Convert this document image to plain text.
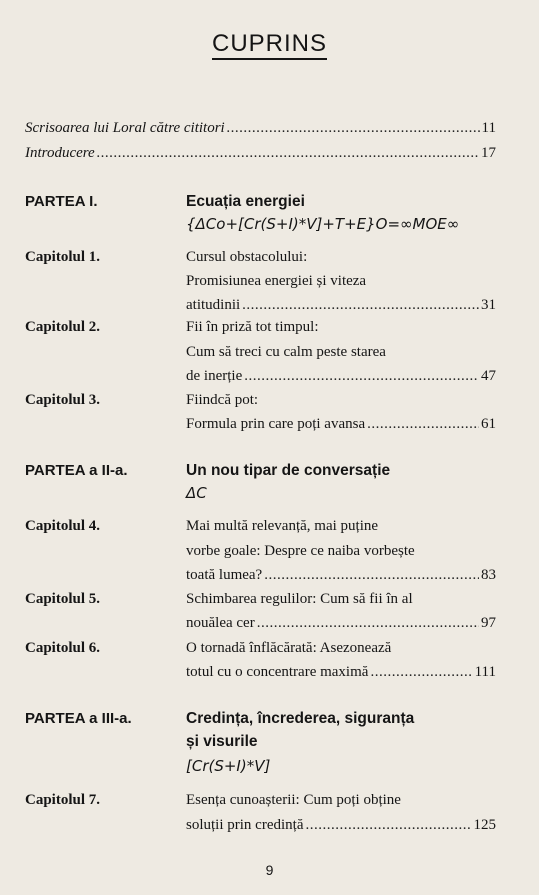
CUPRINS
Scrisoarea lui Loral către cititori .....	11
Introducere .....	17
PARTEA I.	Ecuația energiei
{ΔCo+[Cr(S+I)*V]+T+E}O=∞MOE∞
Capitolul 1.	Cursul obstacolului:
Promisiunea energiei și viteza
atitudinii .....	31
Capitolul 2.	Fii în priză tot timpul:
Cum să treci cu calm peste starea
de inerție .....	47
Capitolul 3.	Fiindcă pot:
Formula prin care poți avansa .....	61
PARTEA a II-a.	Un nou tipar de conversație
ΔC
Capitolul 4.	Mai multă relevanță, mai puține
vorbe goale: Despre ce naiba vorbește
toată lumea? .....	83
Capitolul 5.	Schimbarea regulilor: Cum să fii în al
nouălea cer .....	97
Capitolul 6.	O tornadă înflăcărată: Asezonează
totul cu o concentrare maximă .....	111
PARTEA a III-a.	Credința, încrederea, siguranța
și visurile
[Cr(S+I)*V]
Capitolul 7.	Esența cunoașterii: Cum poți obține
soluții prin credință .....	125
9
